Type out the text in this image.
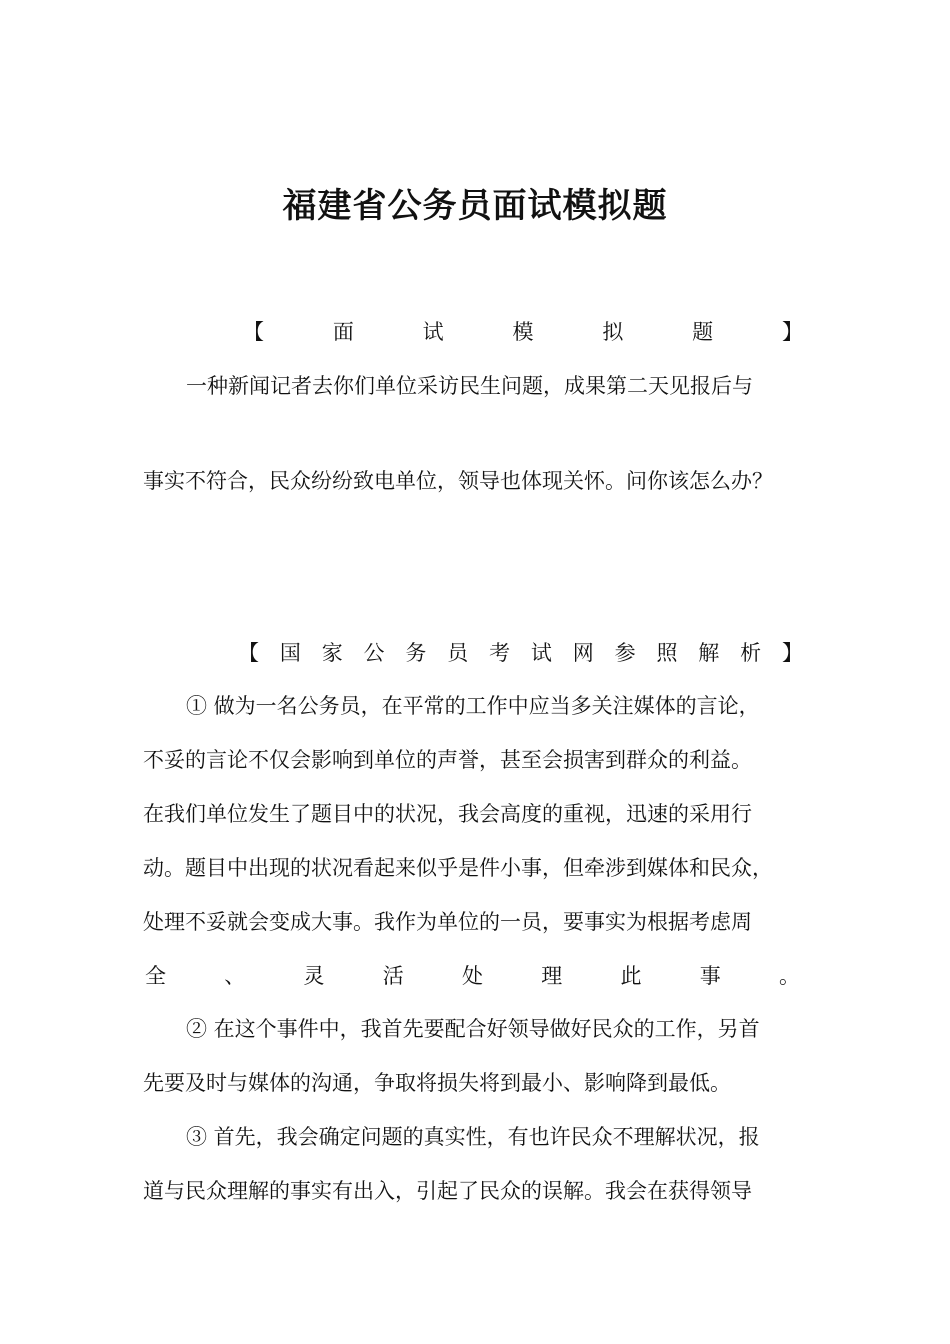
福建省公务员面试模拟题
【	面	试	模	拟	题	】
一种新闻记者去你们单位采访民生问题，成果第二天见报后与
事实不符合，民众纷纷致电单位，领导也体现关怀。问你该怎么办？
【 国 家 公 务 员 考 试 网 参 照 解 析 】
① 做为一名公务员，在平常的工作中应当多关注媒体的言论，
不妥的言论不仅会影响到单位的声誉，甚至会损害到群众的利益。
在我们单位发生了题目中的状况，我会高度的重视，迅速的采用行
动。题目中出现的状况看起来似乎是件小事，但牵涉到媒体和民众，
处理不妥就会变成大事。我作为单位的一员，要事实为根据考虑周
全	、	灵	活	处	理	此	事	。
② 在这个事件中，我首先要配合好领导做好民众的工作，另首
先要及时与媒体的沟通，争取将损失将到最小、影响降到最低。
③ 首先，我会确定问题的真实性，有也许民众不理解状况，报
道与民众理解的事实有出入，引起了民众的误解。我会在获得领导
